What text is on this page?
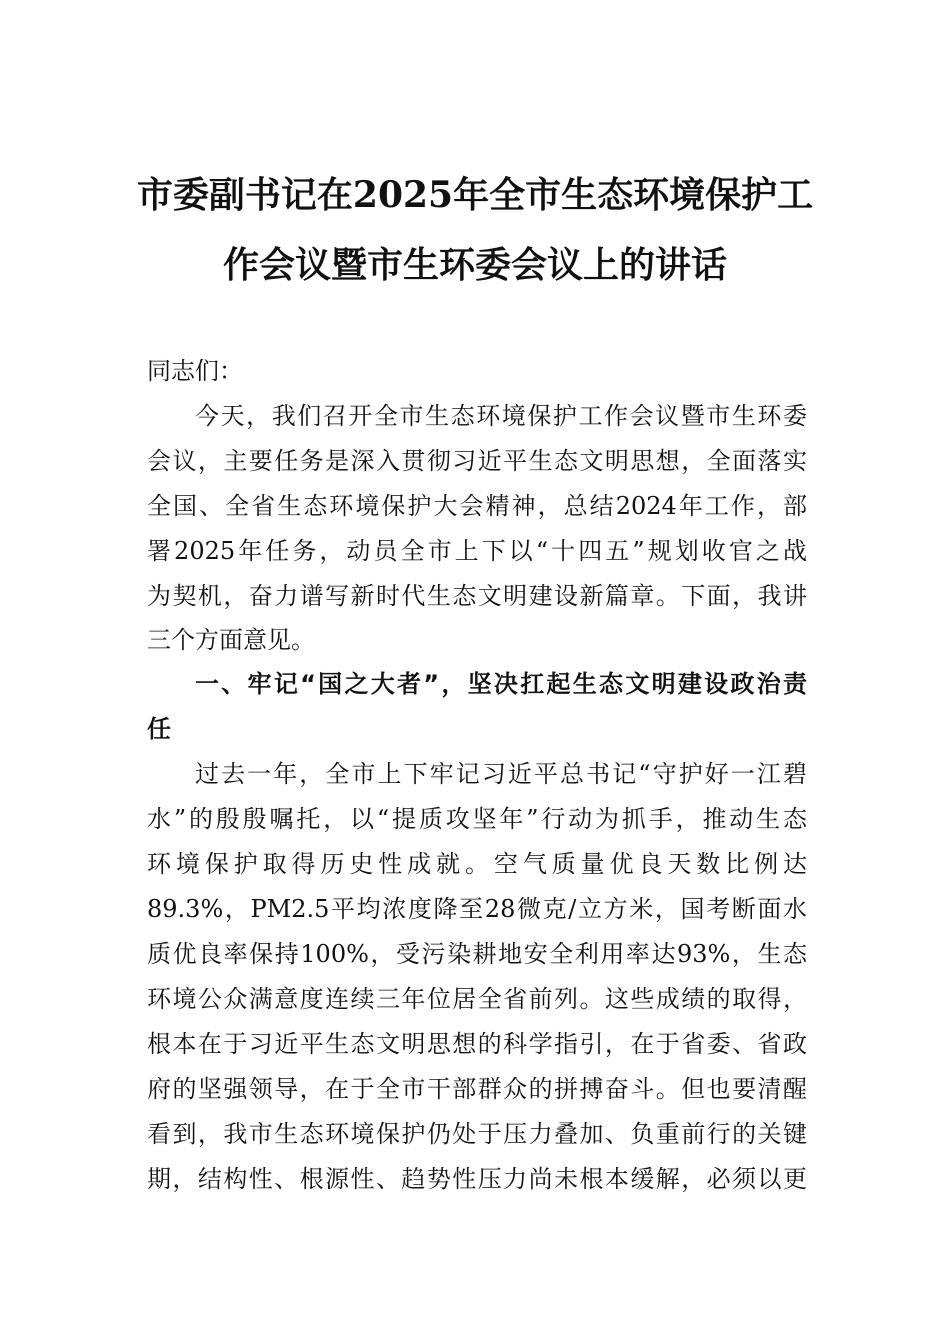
市委副书记在2025年全市生态环境保护工
作会议暨市生环委会议上的讲话
同志们：
今天，我们召开全市生态环境保护工作会议暨市生环委
会议，主要任务是深入贯彻习近平生态文明思想，全面落实
全国、全省生态环境保护大会精神，总结2024年工作，部
署2025年任务，动员全市上下以“十四五”规划收官之战
为契机，奋力谱写新时代生态文明建设新篇章。下面，我讲
三个方面意见。
一、牢记“国之大者”，坚决扛起生态文明建设政治责
任
过去一年，全市上下牢记习近平总书记“守护好一江碧
水”的殷殷嘱托，以“提质攻坚年”行动为抓手，推动生态
环境保护取得历史性成就。空气质量优良天数比例达
89.3%，PM2.5平均浓度降至28微克/立方米，国考断面水
质优良率保持100%，受污染耕地安全利用率达93%，生态
环境公众满意度连续三年位居全省前列。这些成绩的取得，
根本在于习近平生态文明思想的科学指引，在于省委、省政
府的坚强领导，在于全市干部群众的拼搏奋斗。但也要清醒
看到，我市生态环境保护仍处于压力叠加、负重前行的关键
期，结构性、根源性、趋势性压力尚未根本缓解，必须以更
